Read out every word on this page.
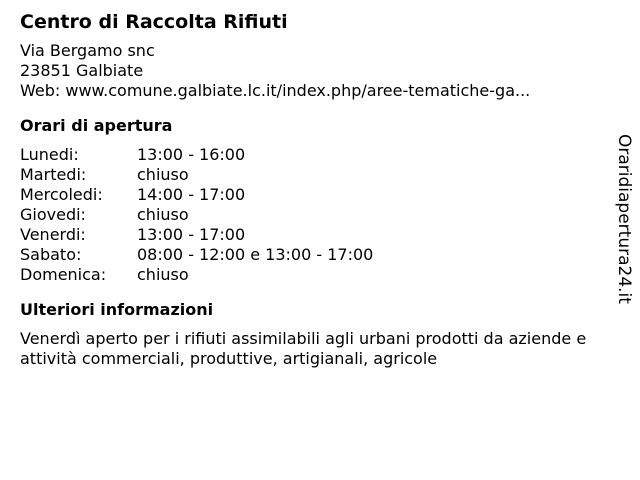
Centro di Raccolta Rifiuti
Via Bergamo snc
23851 Galbiate
Web: www.comune.galbiate.lc.it/index.php/aree-tematiche-ga...
Orari di apertura
Lunedi:	13:00 - 16:00
Martedi:	chiuso
Mercoledi:	14:00 - 17:00
Giovedi:	chiuso
Venerdi:	13:00 - 17:00
Sabato:	08:00 - 12:00 e 13:00 - 17:00
Domenica:	chiuso
Ulteriori informazioni
Venerdì aperto per i rifiuti assimilabili agli urbani prodotti da aziende e attività commerciali, produttive, artigianali, agricole
Oraridiapertura24.it
